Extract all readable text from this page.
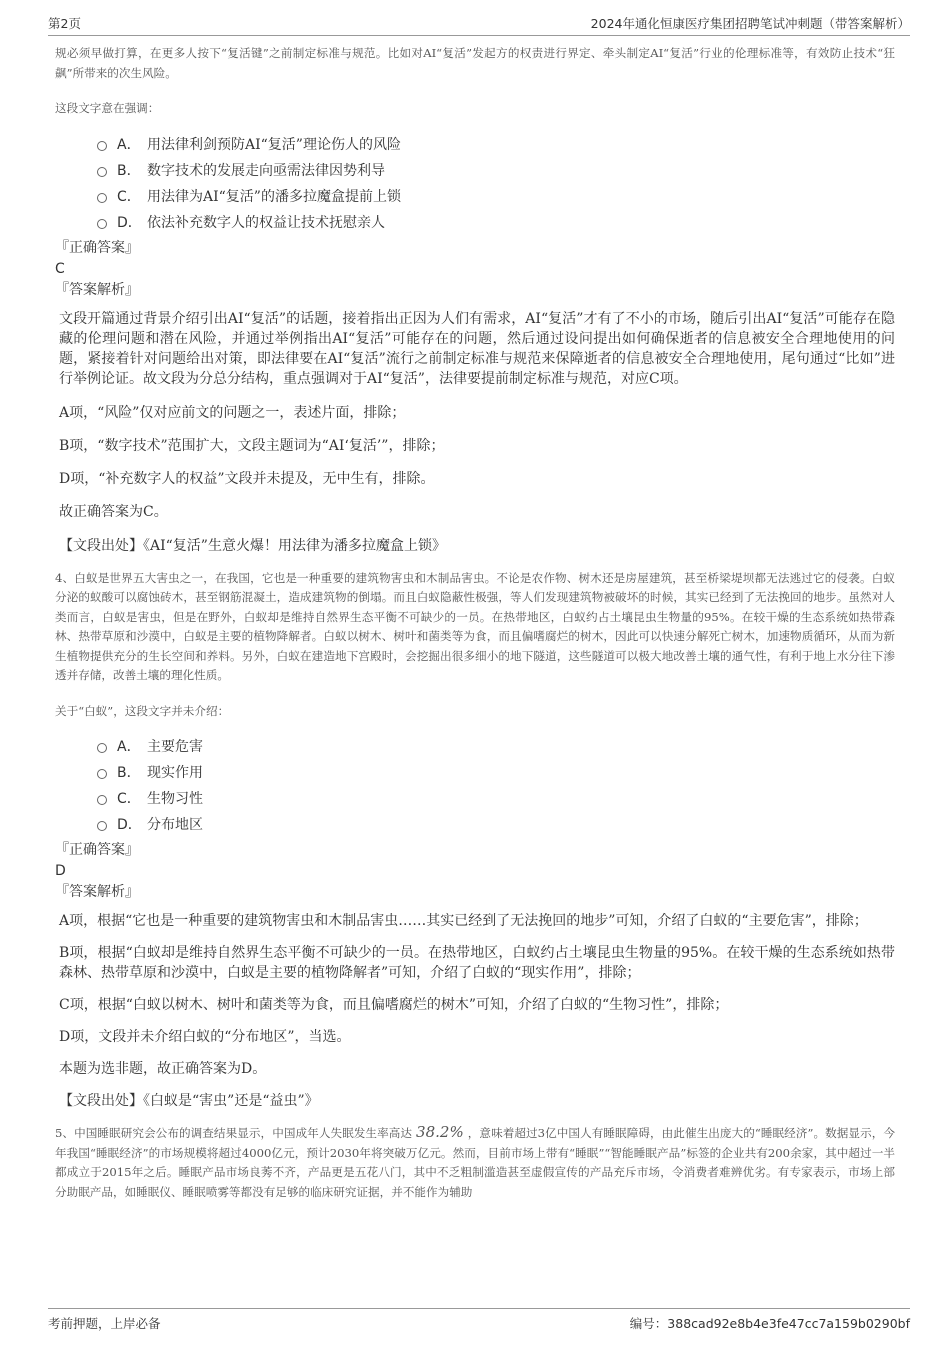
第2页	2024年通化恒康医疗集团招聘笔试冲刺题（带答案解析）

规必须早做打算，在更多人按下“复活键”之前制定标准与规范。比如对AI“复活”发起方的权责进行界定、牵头制定AI“复活”行业的伦理标准等，有效防止技术“狂飙”所带来的次生风险。

这段文字意在强调：

A． 用法律利剑预防AI“复活”理论伤人的风险
B． 数字技术的发展走向亟需法律因势利导
C． 用法律为AI“复活”的潘多拉魔盒提前上锁
D． 依法补充数字人的权益让技术抚慰亲人

『正确答案』

C

『答案解析』

文段开篇通过背景介绍引出AI“复活”的话题，接着指出正因为人们有需求，AI“复活”才有了不小的市场，随后引出AI“复活”可能存在隐藏的伦理问题和潜在风险，并通过举例指出AI“复活”可能存在的问题，然后通过设问提出如何确保逝者的信息被安全合理地使用的问题，紧接着针对问题给出对策，即法律要在AI“复活”流行之前制定标准与规范来保障逝者的信息被安全合理地使用，尾句通过“比如”进行举例论证。故文段为分总分结构，重点强调对于AI“复活”，法律要提前制定标准与规范，对应C项。

A项，“风险”仅对应前文的问题之一，表述片面，排除；

B项，“数字技术”范围扩大，文段主题词为“AI‘复活’”，排除；

D项，“补充数字人的权益”文段并未提及，无中生有，排除。

故正确答案为C。

【文段出处】《AI“复活”生意火爆！用法律为潘多拉魔盒上锁》

4、白蚁是世界五大害虫之一，在我国，它也是一种重要的建筑物害虫和木制品害虫。不论是农作物、树木还是房屋建筑，甚至桥梁堤坝都无法逃过它的侵袭。白蚁分泌的蚁酸可以腐蚀砖木，甚至钢筋混凝土，造成建筑物的倒塌。而且白蚁隐蔽性极强，等人们发现建筑物被破坏的时候，其实已经到了无法挽回的地步。虽然对人类而言，白蚁是害虫，但是在野外，白蚁却是维持自然界生态平衡不可缺少的一员。在热带地区，白蚁约占土壤昆虫生物量的95%。在较干燥的生态系统如热带森林、热带草原和沙漠中，白蚁是主要的植物降解者。白蚁以树木、树叶和菌类等为食，而且偏嗜腐烂的树木，因此可以快速分解死亡树木，加速物质循环，从而为新生植物提供充分的生长空间和养料。另外，白蚁在建造地下宫殿时，会挖掘出很多细小的地下隧道，这些隧道可以极大地改善土壤的通气性，有利于地上水分往下渗透并存储，改善土壤的理化性质。

关于“白蚁”，这段文字并未介绍：

A． 主要危害
B． 现实作用
C． 生物习性
D． 分布地区

『正确答案』

D

『答案解析』

A项，根据“它也是一种重要的建筑物害虫和木制品害虫……其实已经到了无法挽回的地步”可知，介绍了白蚁的“主要危害”，排除；

B项，根据“白蚁却是维持自然界生态平衡不可缺少的一员。在热带地区，白蚁约占土壤昆虫生物量的95%。在较干燥的生态系统如热带森林、热带草原和沙漠中，白蚁是主要的植物降解者”可知，介绍了白蚁的“现实作用”，排除；

C项，根据“白蚁以树木、树叶和菌类等为食，而且偏嗜腐烂的树木”可知，介绍了白蚁的“生物习性”，排除；

D项，文段并未介绍白蚁的“分布地区”，当选。

本题为选非题，故正确答案为D。

【文段出处】《白蚁是“害虫”还是“益虫”》

5、中国睡眠研究会公布的调查结果显示，中国成年人失眠发生率高达 38.2% ，意味着超过3亿中国人有睡眠障碍，由此催生出庞大的“睡眠经济”。数据显示，今年我国“睡眠经济”的市场规模将超过4000亿元，预计2030年将突破万亿元。然而，目前市场上带有“睡眠”“智能睡眠产品”标签的企业共有200余家，其中超过一半都成立于2015年之后。睡眠产品市场良莠不齐，产品更是五花八门，其中不乏粗制滥造甚至虚假宣传的产品充斥市场，令消费者难辨优劣。有专家表示，市场上部分助眠产品，如睡眠仪、睡眠喷雾等都没有足够的临床研究证据，并不能作为辅助

考前押题，上岸必备	编号：388cad92e8b4e3fe47cc7a159b0290bf
